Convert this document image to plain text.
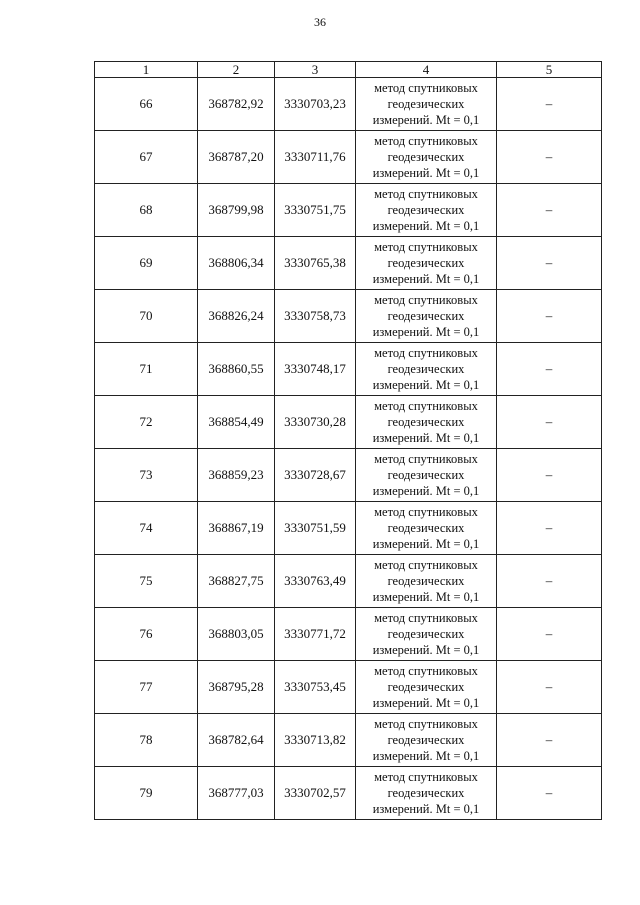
36
1	2	3	4	5
66	368782,92	3330703,23	метод спутниковых
геодезических
измерений. Mt = 0,1	–
67	368787,20	3330711,76	метод спутниковых
геодезических
измерений. Mt = 0,1	–
68	368799,98	3330751,75	метод спутниковых
геодезических
измерений. Mt = 0,1	–
69	368806,34	3330765,38	метод спутниковых
геодезических
измерений. Mt = 0,1	–
70	368826,24	3330758,73	метод спутниковых
геодезических
измерений. Mt = 0,1	–
71	368860,55	3330748,17	метод спутниковых
геодезических
измерений. Mt = 0,1	–
72	368854,49	3330730,28	метод спутниковых
геодезических
измерений. Mt = 0,1	–
73	368859,23	3330728,67	метод спутниковых
геодезических
измерений. Mt = 0,1	–
74	368867,19	3330751,59	метод спутниковых
геодезических
измерений. Mt = 0,1	–
75	368827,75	3330763,49	метод спутниковых
геодезических
измерений. Mt = 0,1	–
76	368803,05	3330771,72	метод спутниковых
геодезических
измерений. Mt = 0,1	–
77	368795,28	3330753,45	метод спутниковых
геодезических
измерений. Mt = 0,1	–
78	368782,64	3330713,82	метод спутниковых
геодезических
измерений. Mt = 0,1	–
79	368777,03	3330702,57	метод спутниковых
геодезических
измерений. Mt = 0,1	–
